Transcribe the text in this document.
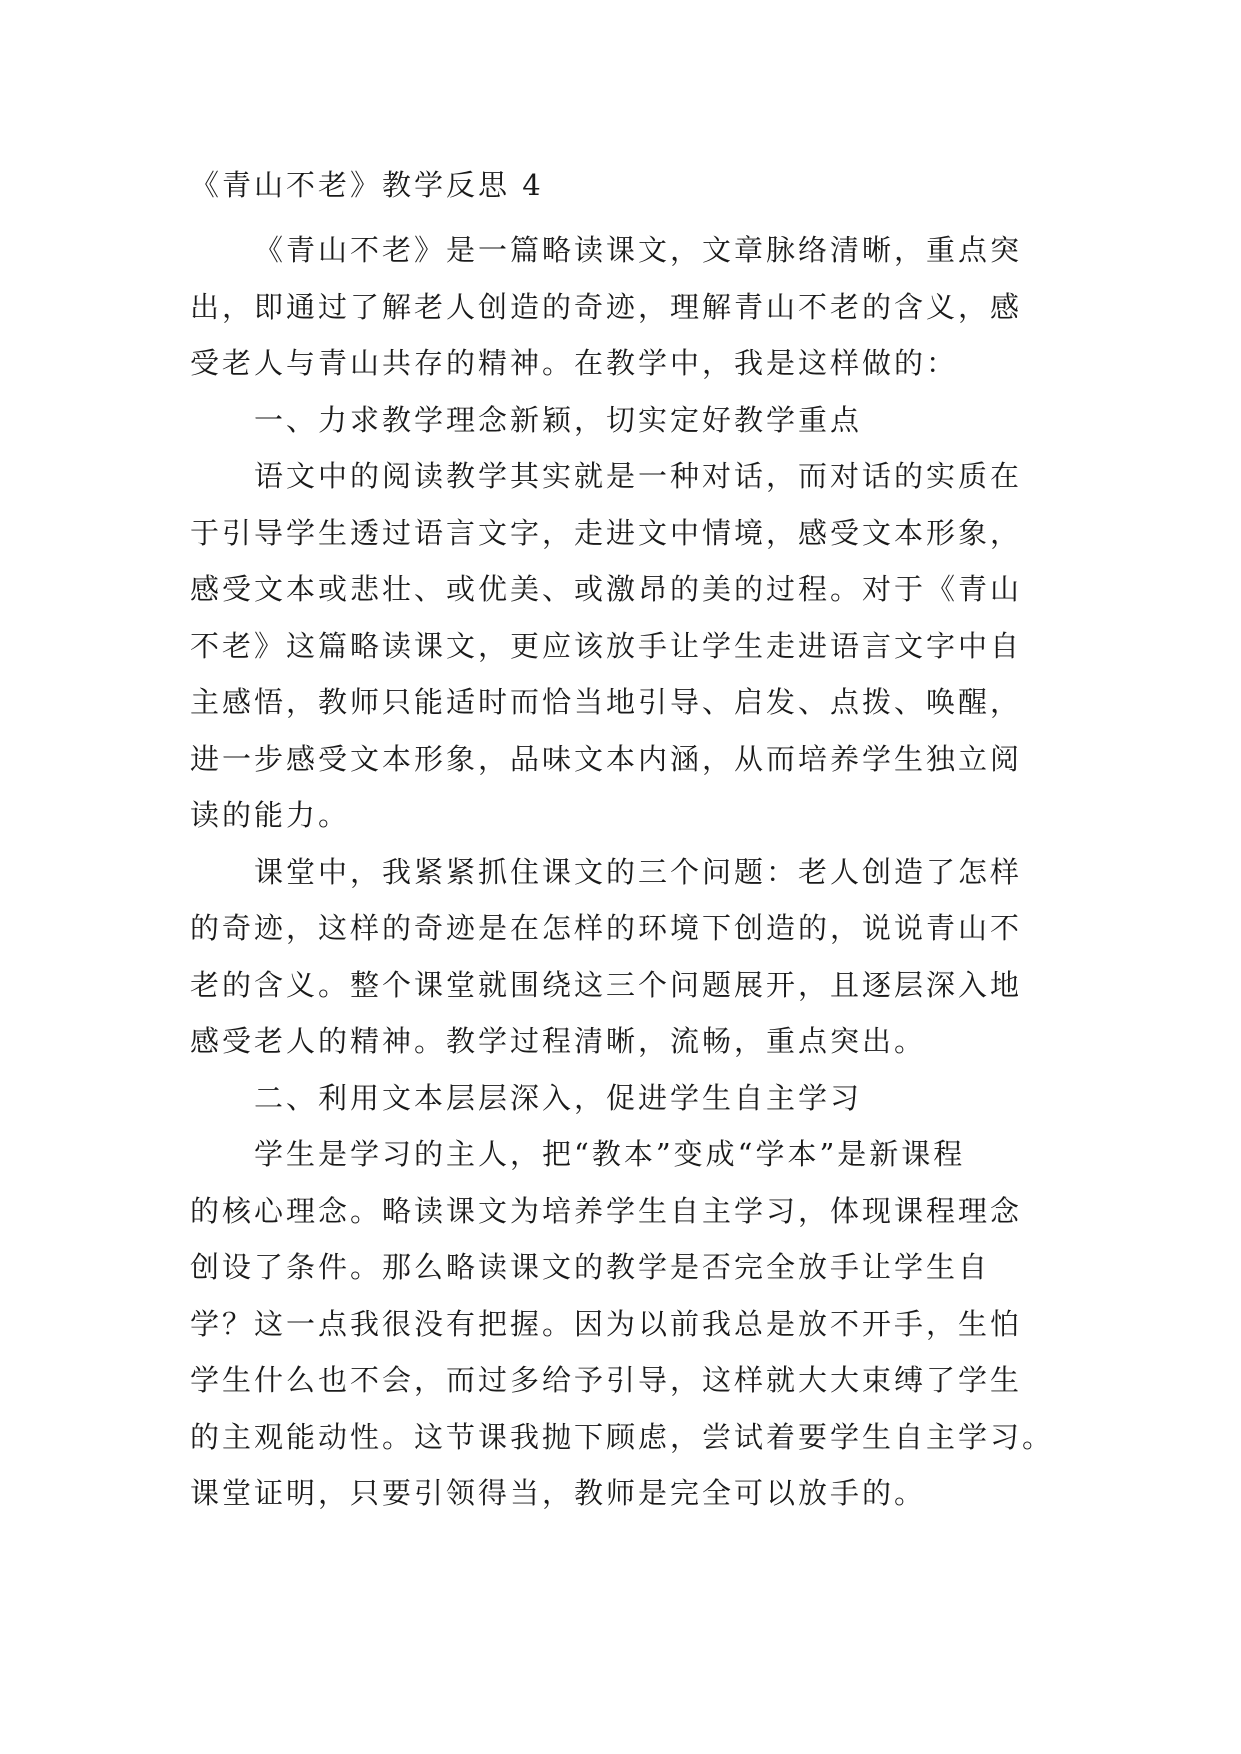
《青山不老》教学反思 4
《青山不老》是一篇略读课文，文章脉络清晰，重点突
出，即通过了解老人创造的奇迹，理解青山不老的含义，感
受老人与青山共存的精神。在教学中，我是这样做的：
一、力求教学理念新颖，切实定好教学重点
语文中的阅读教学其实就是一种对话，而对话的实质在
于引导学生透过语言文字，走进文中情境，感受文本形象，
感受文本或悲壮、或优美、或激昂的美的过程。对于《青山
不老》这篇略读课文，更应该放手让学生走进语言文字中自
主感悟，教师只能适时而恰当地引导、启发、点拨、唤醒，
进一步感受文本形象，品味文本内涵，从而培养学生独立阅
读的能力。
课堂中，我紧紧抓住课文的三个问题：老人创造了怎样
的奇迹，这样的奇迹是在怎样的环境下创造的，说说青山不
老的含义。整个课堂就围绕这三个问题展开，且逐层深入地
感受老人的精神。教学过程清晰，流畅，重点突出。
二、利用文本层层深入，促进学生自主学习
学生是学习的主人，把“教本”变成“学本”是新课程
的核心理念。略读课文为培养学生自主学习，体现课程理念
创设了条件。那么略读课文的教学是否完全放手让学生自
学？这一点我很没有把握。因为以前我总是放不开手，生怕
学生什么也不会，而过多给予引导，这样就大大束缚了学生
的主观能动性。这节课我抛下顾虑，尝试着要学生自主学习。
课堂证明，只要引领得当，教师是完全可以放手的。
